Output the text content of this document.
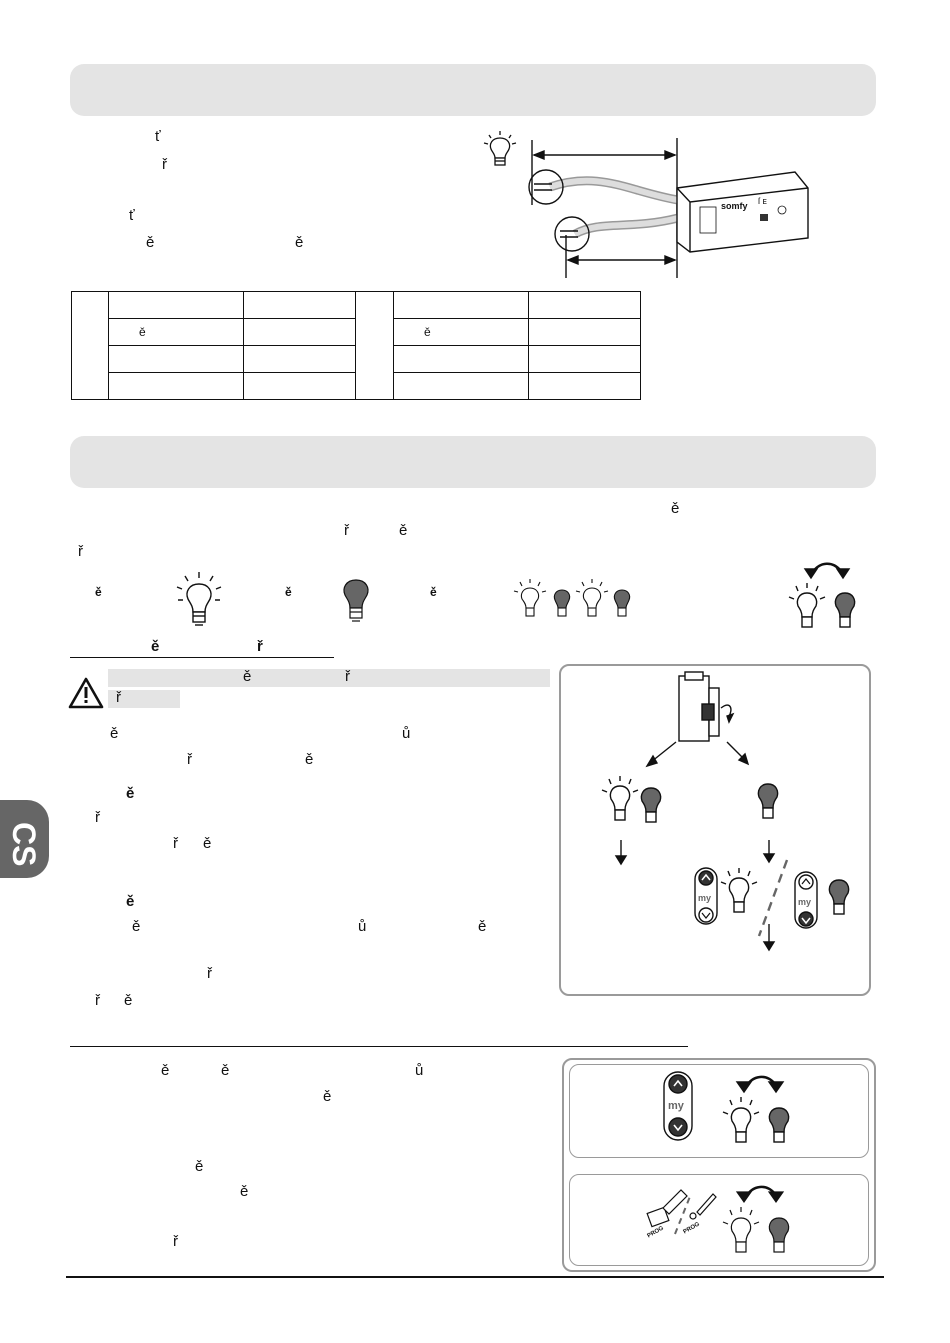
CS
ť
ř
ť
ě	ě
somfy ſ ᴇ

	ě			ě	

ě
ř	ě
ř
ě	ě	ě
ě	ř
ě	ř
ř
ě	ů
ř	ě
ě
ř
ř ě
ě
ě	ů	ě
ř
ř ě
my	my
ě	ě	ů
ě
ě
ě
ř
my
PROG	PROG
